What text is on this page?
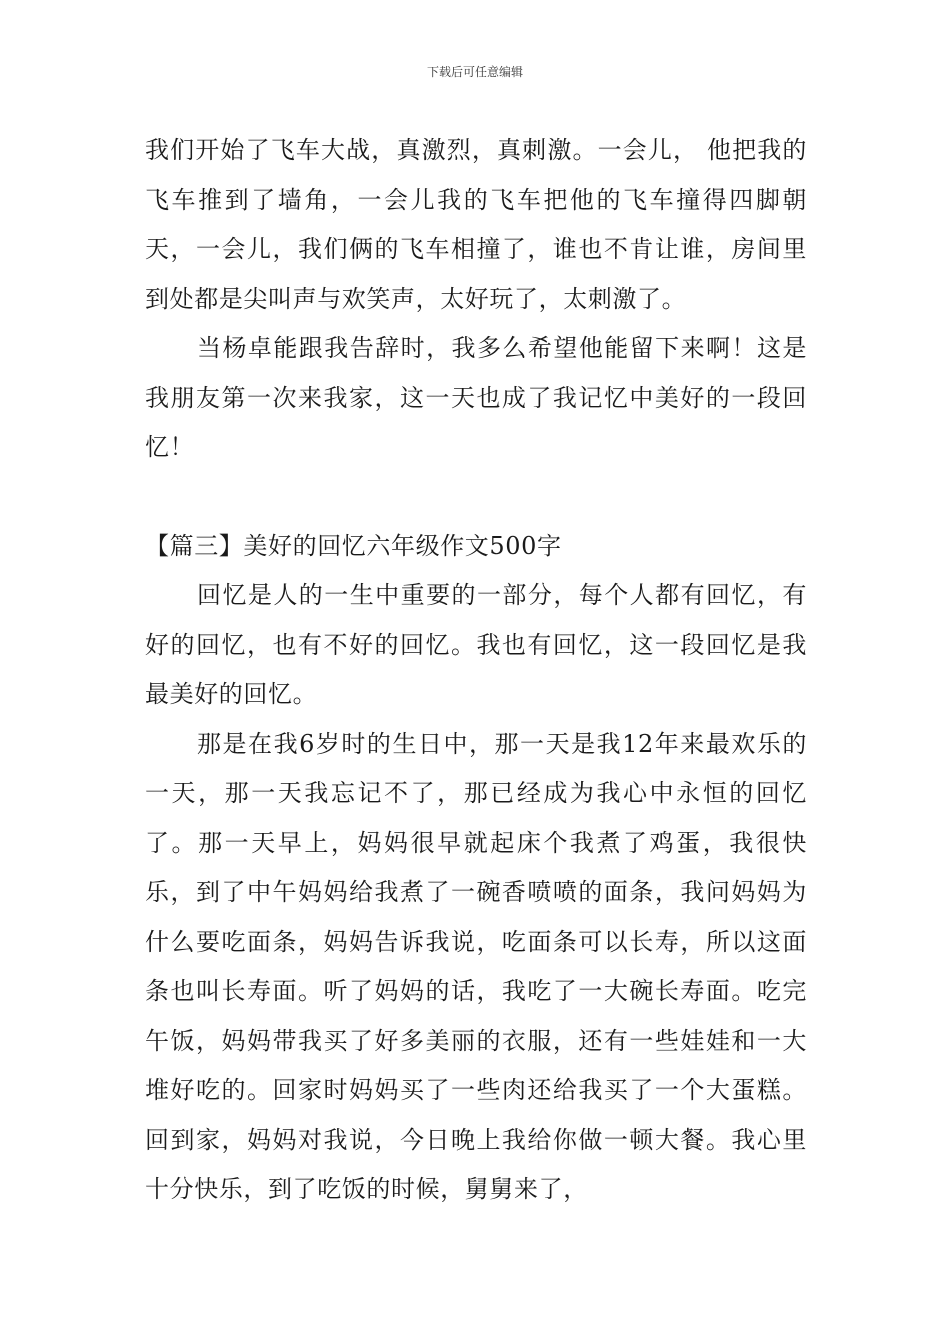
下载后可任意编辑

我们开始了飞车大战，真激烈，真刺激。一会儿， 他把我的飞车推到了墙角，一会儿我的飞车把他的飞车撞得四脚朝天，一会儿，我们俩的飞车相撞了，谁也不肯让谁，房间里到处都是尖叫声与欢笑声，太好玩了，太刺激了。

当杨卓能跟我告辞时，我多么希望他能留下来啊！这是我朋友第一次来我家，这一天也成了我记忆中美好的一段回忆！

【篇三】美好的回忆六年级作文500字

回忆是人的一生中重要的一部分，每个人都有回忆，有好的回忆，也有不好的回忆。我也有回忆，这一段回忆是我最美好的回忆。

那是在我6岁时的生日中，那一天是我12年来最欢乐的一天，那一天我忘记不了，那已经成为我心中永恒的回忆了。那一天早上，妈妈很早就起床个我煮了鸡蛋，我很快乐，到了中午妈妈给我煮了一碗香喷喷的面条，我问妈妈为什么要吃面条，妈妈告诉我说，吃面条可以长寿，所以这面条也叫长寿面。听了妈妈的话，我吃了一大碗长寿面。吃完午饭，妈妈带我买了好多美丽的衣服，还有一些娃娃和一大堆好吃的。回家时妈妈买了一些肉还给我买了一个大蛋糕。回到家，妈妈对我说，今日晚上我给你做一顿大餐。我心里十分快乐，到了吃饭的时候，舅舅来了，
